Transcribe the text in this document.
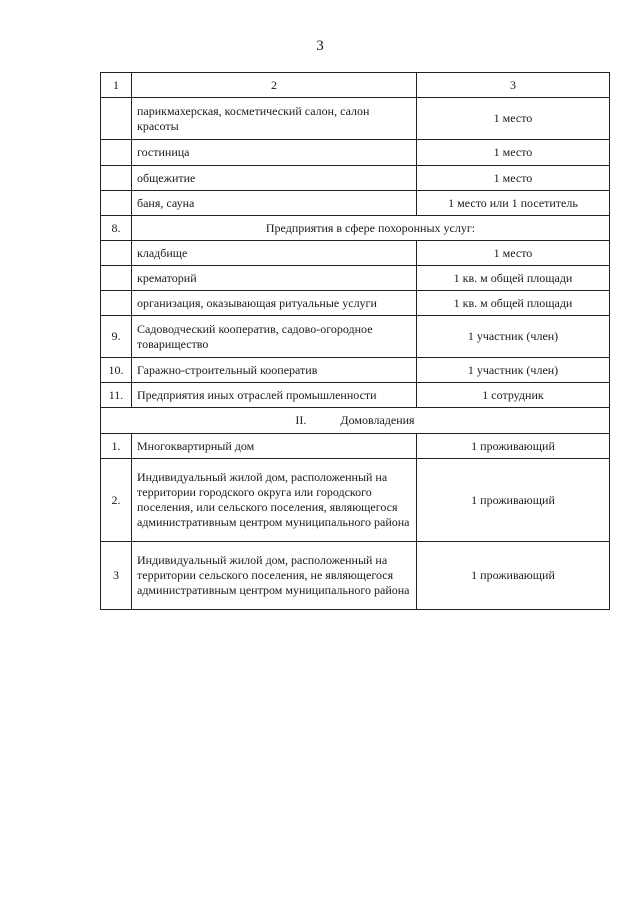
3
1	2	3
	парикмахерская, косметический салон, салон красоты	1 место
	гостиница	1 место
	общежитие	1 место
	баня, сауна	1 место или 1 посетитель
8.	Предприятия в сфере похоронных услуг:	
	кладбище	1 место
	крематорий	1 кв. м общей площади
	организация, оказывающая ритуальные услуги	1 кв. м общей площади
9.	Садоводческий кооператив, садово-огородное товарищество	1 участник (член)
10.	Гаражно-строительный кооператив	1 участник (член)
11.	Предприятия иных отраслей промышленности	1 сотрудник
II. Домовладения		
1.	Многоквартирный дом	1 проживающий
2.	Индивидуальный жилой дом, расположенный на территории городского округа или городского поселения, или сельского поселения, являющегося административным центром муниципального района	1 проживающий
3	Индивидуальный жилой дом, расположенный на территории сельского поселения, не являющегося административным центром муниципального района	1 проживающий
